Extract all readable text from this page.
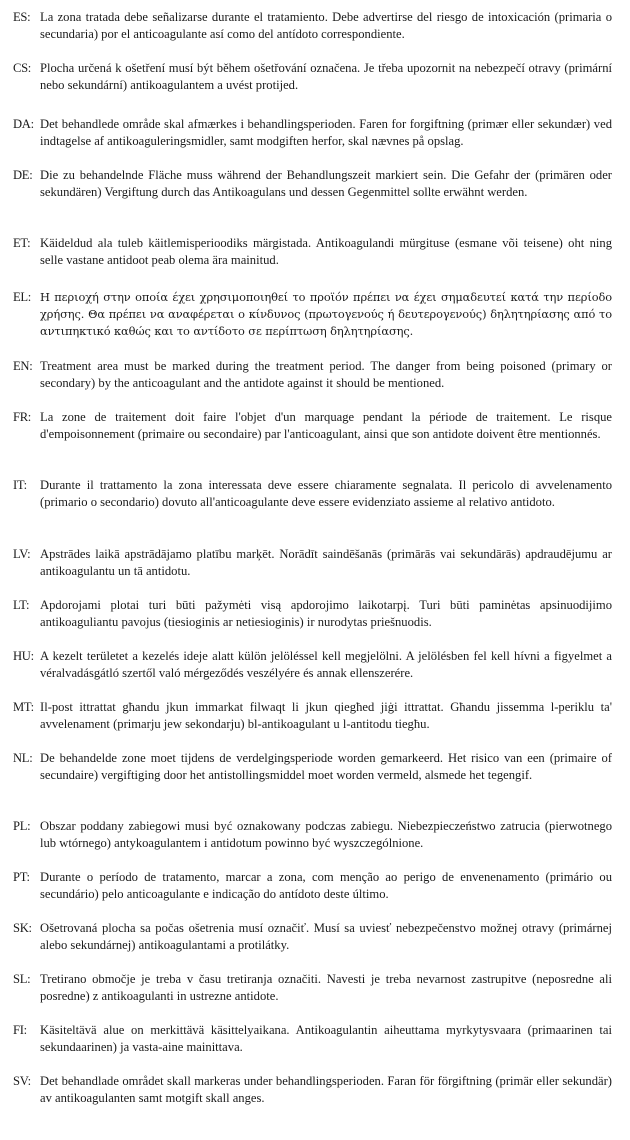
ES: La zona tratada debe señalizarse durante el tratamiento. Debe advertirse del riesgo de intoxicación (primaria o secundaria) por el anticoagulante así como del antídoto correspondiente.
CS: Plocha určená k ošetření musí být během ošetřování označena. Je třeba upozornit na nebezpečí otravy (primární nebo sekundární) antikoagulantem a uvést protijed.
DA: Det behandlede område skal afmærkes i behandlingsperioden. Faren for forgiftning (primær eller sekundær) ved indtagelse af antikoaguleringsmidler, samt modgiften herfor, skal nævnes på opslag.
DE: Die zu behandelnde Fläche muss während der Behandlungszeit markiert sein. Die Gefahr der (primären oder sekundären) Vergiftung durch das Antikoagulans und dessen Gegenmittel sollte erwähnt werden.
ET: Käideldud ala tuleb käitlemisperioodiks märgistada. Antikoagulandi mürgituse (esmane või teisene) oht ning selle vastane antidoot peab olema ära mainitud.
EL: Η περιοχή στην οποία έχει χρησιμοποιηθεί το προϊόν πρέπει να έχει σημαδευτεί κατά την περίοδο χρήσης. Θα πρέπει να αναφέρεται ο κίνδυνος (πρωτογενούς ή δευτερογενούς) δηλητηρίασης από το αντιπηκτικό καθώς και το αντίδοτο σε περίπτωση δηλητηρίασης.
EN: Treatment area must be marked during the treatment period. The danger from being poisoned (primary or secondary) by the anticoagulant and the antidote against it should be mentioned.
FR: La zone de traitement doit faire l'objet d'un marquage pendant la période de traitement. Le risque d'empoisonnement (primaire ou secondaire) par l'anticoagulant, ainsi que son antidote doivent être mentionnés.
IT:	Durante il trattamento la zona interessata deve essere chiaramente segnalata. Il pericolo di avvelenamento (primario o secondario) dovuto all'anticoagulante deve essere evidenziato assieme al relativo antidoto.
LV: Apstrādes laikā apstrādājamo platību marķēt. Norādīt saindēšanās (primārās vai sekundārās) apdraudējumu ar antikoagulantu un tā antidotu.
LT: Apdorojami plotai turi būti pažymėti visą apdorojimo laikotarpį. Turi būti paminėtas apsinuodijimo antikoaguliantu pavojus (tiesioginis ar netiesioginis) ir nurodytas priešnuodis.
HU: A kezelt területet a kezelés ideje alatt külön jelöléssel kell megjelölni. A jelölésben fel kell hívni a figyelmet a véralvadásgátló szertől való mérgeződés veszélyére és annak ellenszerére.
MT: Il-post ittrattat għandu jkun immarkat filwaqt li jkun qiegħed jiġi ittrattat. Għandu jissemma l-periklu ta' avvelenament (primarju jew sekondarju) bl-antikoagulant u l-antitodu tiegħu.
NL: De behandelde zone moet tijdens de verdelgingsperiode worden gemarkeerd. Het risico van een (primaire of secundaire) vergiftiging door het antistollingsmiddel moet worden vermeld, alsmede het tegengif.
PL: Obszar poddany zabiegowi musi być oznakowany podczas zabiegu. Niebezpieczeństwo zatrucia (pierwotnego lub wtórnego) antykoagulantem i antidotum powinno być wyszczególnione.
PT: Durante o período de tratamento, marcar a zona, com menção ao perigo de envenenamento (primário ou secundário) pelo anticoagulante e indicação do antídoto deste último.
SK: Ošetrovaná plocha sa počas ošetrenia musí označiť. Musí sa uviesť nebezpečenstvo možnej otravy (primárnej alebo sekundárnej) antikoagulantami a protilátky.
SL: Tretirano območje je treba v času tretiranja označiti. Navesti je treba nevarnost zastrupitve (neposredne ali posredne) z antikoagulanti in ustrezne antidote.
FI:	Käsiteltävä alue on merkittävä käsittelyaikana. Antikoagulantin aiheuttama myrkytysvaara (primaarinen tai sekundaarinen) ja vasta-aine mainittava.
SV: Det behandlade området skall markeras under behandlingsperioden. Faran för förgiftning (primär eller sekundär) av antikoagulanten samt motgift skall anges.
